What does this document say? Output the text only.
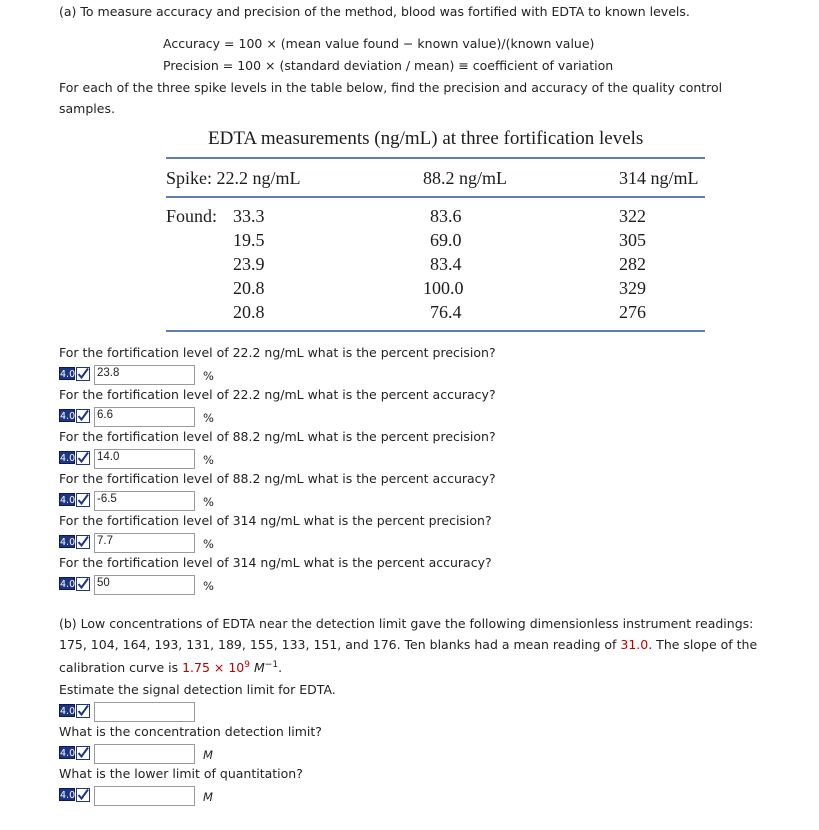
(a) To measure accuracy and precision of the method, blood was fortified with EDTA to known levels.
Accuracy = 100 × (mean value found − known value)/(known value)
Precision = 100 × (standard deviation / mean) ≡ coefficient of variation
For each of the three spike levels in the table below, find the precision and accuracy of the quality control
samples.
EDTA measurements (ng/mL) at three fortification levels
Spike: 22.2 ng/mL	88.2 ng/mL	314 ng/mL
Found: 33.3	83.6	322
19.5	69.0	305
23.9	83.4	282
20.8	100.0	329
20.8	76.4	276
For the fortification level of 22.2 ng/mL what is the percent precision?
4.0 23.8	%
For the fortification level of 22.2 ng/mL what is the percent accuracy?
4.0 6.6	%
For the fortification level of 88.2 ng/mL what is the percent precision?
4.0 14.0	%
For the fortification level of 88.2 ng/mL what is the percent accuracy?
4.0 -6.5	%
For the fortification level of 314 ng/mL what is the percent precision?
4.0 7.7	%
For the fortification level of 314 ng/mL what is the percent accuracy?
4.0 50	%
Estimate the signal detection limit for EDTA.
4.0
What is the concentration detection limit?
4.0	M
What is the lower limit of quantitation?
4.0	M
(b) Low concentrations of EDTA near the detection limit gave the following dimensionless instrument readings:
175, 104, 164, 193, 131, 189, 155, 133, 151, and 176. Ten blanks had a mean reading of 31.0. The slope of the
calibration curve is $1.75 \times 10^9$ $M^{-1}$.
